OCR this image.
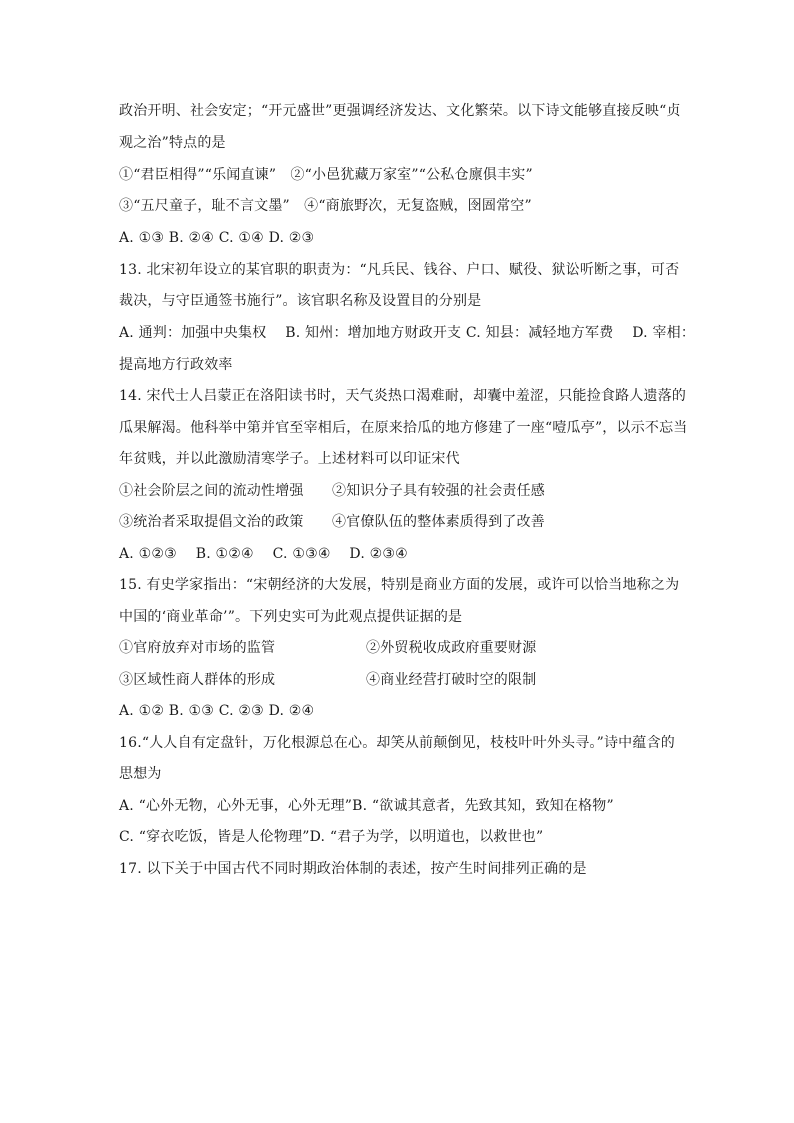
政治开明、社会安定；“开元盛世”更强调经济发达、文化繁荣。以下诗文能够直接反映“贞
观之治”特点的是
①“君臣相得”“乐闻直谏”　②“小邑犹藏万家室”“公私仓廪俱丰实”
③“五尺童子，耻不言文墨”　④“商旅野次，无复盗贼，囹圄常空”
A. ①③ B. ②④ C. ①④ D. ②③
13. 北宋初年设立的某官职的职责为：“凡兵民、钱谷、户口、赋役、狱讼听断之事，可否
裁决，与守臣通签书施行”。该官职名称及设置目的分别是
A. 通判：加强中央集权　 B. 知州：增加地方财政开支 C. 知县：减轻地方军费　 D. 宰相：
提高地方行政效率
14. 宋代士人吕蒙正在洛阳读书时，天气炎热口渴难耐，却囊中羞涩，只能捡食路人遗落的
瓜果解渴。他科举中第并官至宰相后，在原来拾瓜的地方修建了一座“噎瓜亭”，以示不忘当
年贫贱，并以此激励清寒学子。上述材料可以印证宋代
①社会阶层之间的流动性增强　　②知识分子具有较强的社会责任感
③统治者采取提倡文治的政策　　④官僚队伍的整体素质得到了改善
A. ①②③　 B. ①②④　 C. ①③④　 D. ②③④
15. 有史学家指出：“宋朝经济的大发展，特别是商业方面的发展，或许可以恰当地称之为
中国的‘商业革命’”。下列史实可为此观点提供证据的是
①官府放弃对市场的监管	②外贸税收成政府重要财源
③区域性商人群体的形成	④商业经营打破时空的限制
A. ①② B. ①③ C. ②③ D. ②④
16.“人人自有定盘针，万化根源总在心。却笑从前颠倒见，枝枝叶叶外头寻。”诗中蕴含的
思想为
A. “心外无物，心外无事，心外无理”B. “欲诚其意者，先致其知，致知在格物”
C. “穿衣吃饭，皆是人伦物理”D. “君子为学，以明道也，以救世也”
17. 以下关于中国古代不同时期政治体制的表述，按产生时间排列正确的是
